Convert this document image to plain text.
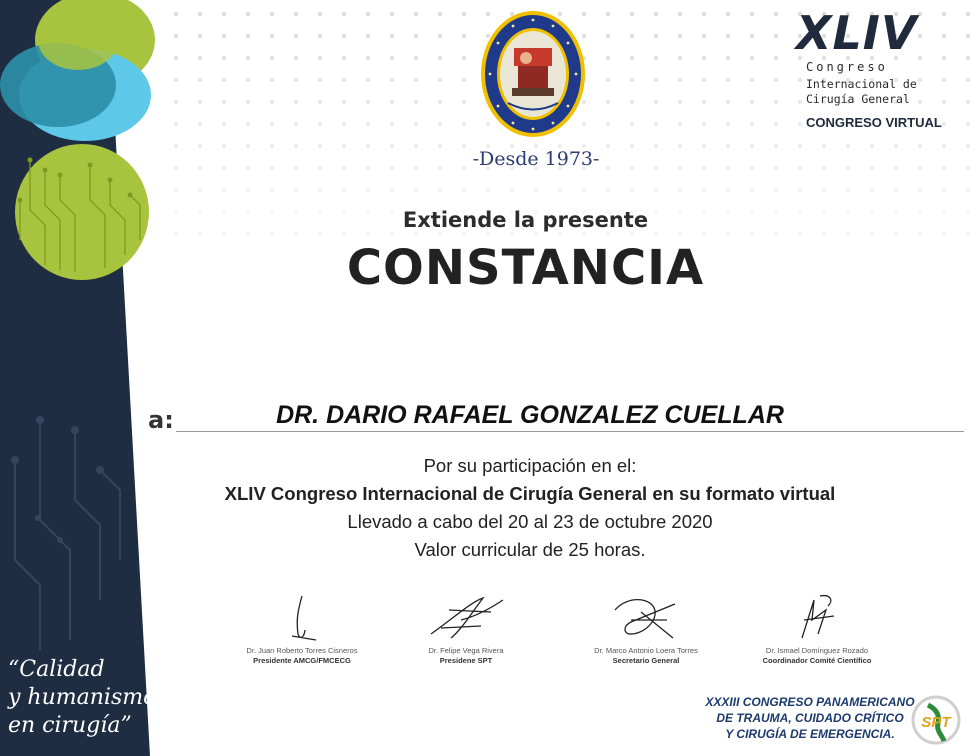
-Desde 1973-
XLIV
Congreso
Internacional de
Cirugía General
CONGRESO VIRTUAL
Extiende la presente
CONSTANCIA
a:	DR. DARIO RAFAEL GONZALEZ CUELLAR
Por su participación en el:
XLIV Congreso Internacional de Cirugía General en su formato virtual
Llevado a cabo del 20 al 23 de octubre 2020
Valor curricular de 25 horas.
Dr. Juan Roberto Torres Cisneros
Presidente AMCG/FMCECG
Dr. Felipe Vega Rivera
Presidene SPT
Dr. Marco Antonio Loera Torres
Secretario General
Dr. Ismael Domínguez Rozado
Coordinador Comité Científico
“Calidad
y humanismo
en cirugía”
XXXIII CONGRESO PANAMERICANO
DE TRAUMA, CUIDADO CRÍTICO
Y CIRUGÍA DE EMERGENCIA.
SPT
